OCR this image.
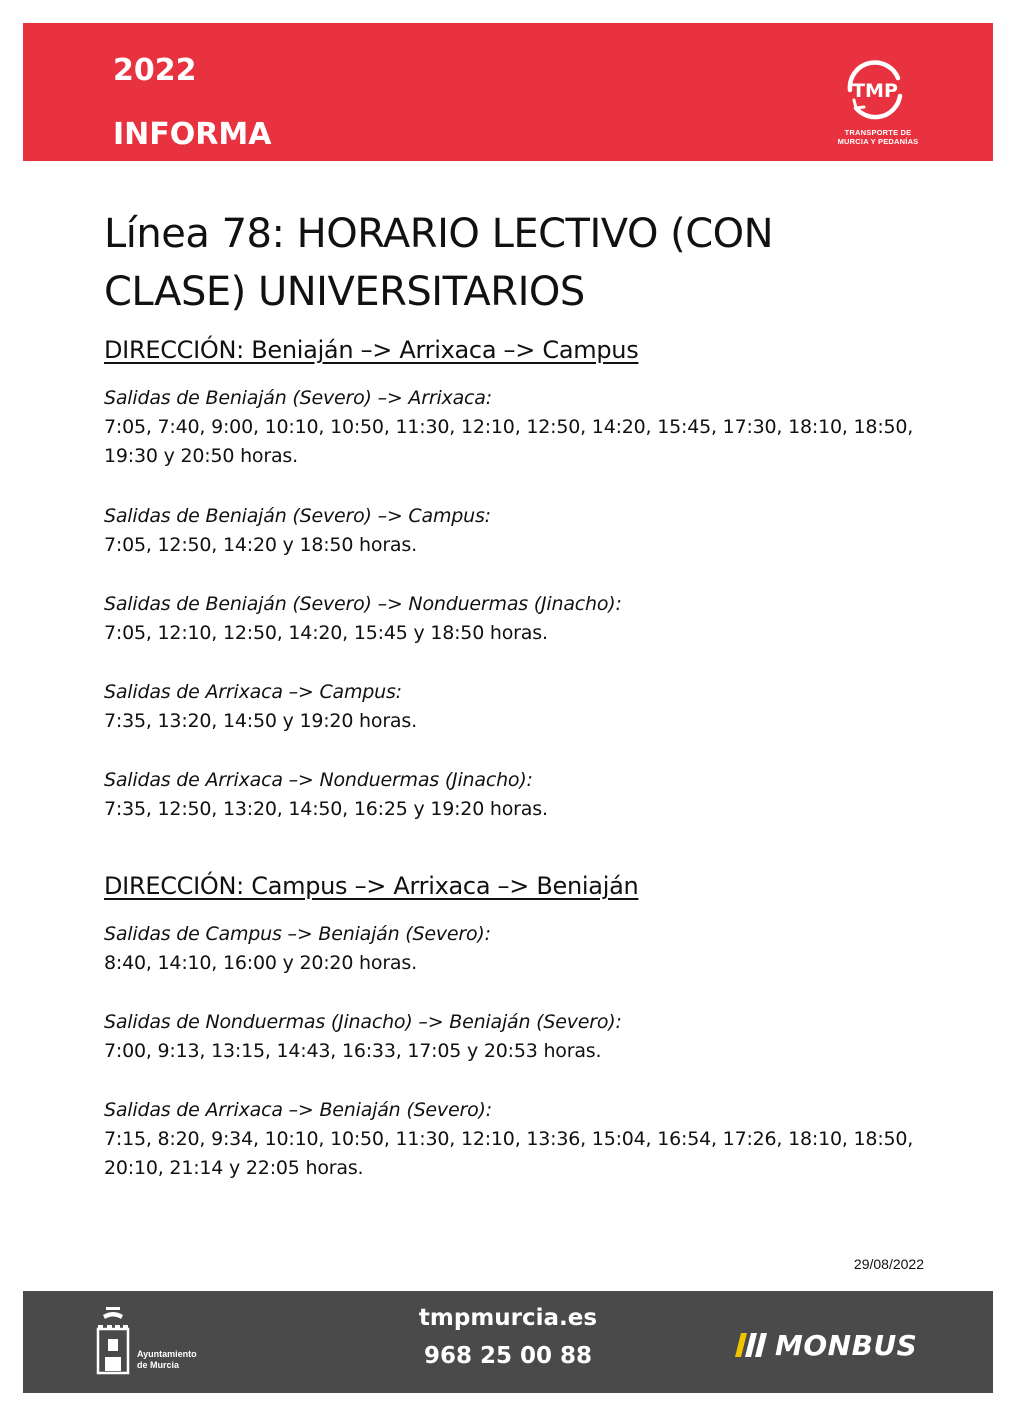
2022
INFORMA
TMP
TRANSPORTE DE
MURCIA Y PEDANÍAS
Línea 78: HORARIO LECTIVO (CON
CLASE) UNIVERSITARIOS
DIRECCIÓN: Beniaján –> Arrixaca –> Campus
Salidas de Beniaján (Severo) –> Arrixaca:
7:05, 7:40, 9:00, 10:10, 10:50, 11:30, 12:10, 12:50, 14:20, 15:45, 17:30, 18:10, 18:50,
19:30 y 20:50 horas.
Salidas de Beniaján (Severo) –> Campus:
7:05, 12:50, 14:20 y 18:50 horas.
Salidas de Beniaján (Severo) –> Nonduermas (Jinacho):
7:05, 12:10, 12:50, 14:20, 15:45 y 18:50 horas.
Salidas de Arrixaca –> Campus:
7:35, 13:20, 14:50 y 19:20 horas.
Salidas de Arrixaca –> Nonduermas (Jinacho):
7:35, 12:50, 13:20, 14:50, 16:25 y 19:20 horas.
DIRECCIÓN: Campus –> Arrixaca –> Beniaján
Salidas de Campus –> Beniaján (Severo):
8:40, 14:10, 16:00 y 20:20 horas.
Salidas de Nonduermas (Jinacho) –> Beniaján (Severo):
7:00, 9:13, 13:15, 14:43, 16:33, 17:05 y 20:53 horas.
Salidas de Arrixaca –> Beniaján (Severo):
7:15, 8:20, 9:34, 10:10, 10:50, 11:30, 12:10, 13:36, 15:04, 16:54, 17:26, 18:10, 18:50,
20:10, 21:14 y 22:05 horas.
29/08/2022
Ayuntamiento
de Murcia
tmpmurcia.es
968 25 00 88	MONBUS
